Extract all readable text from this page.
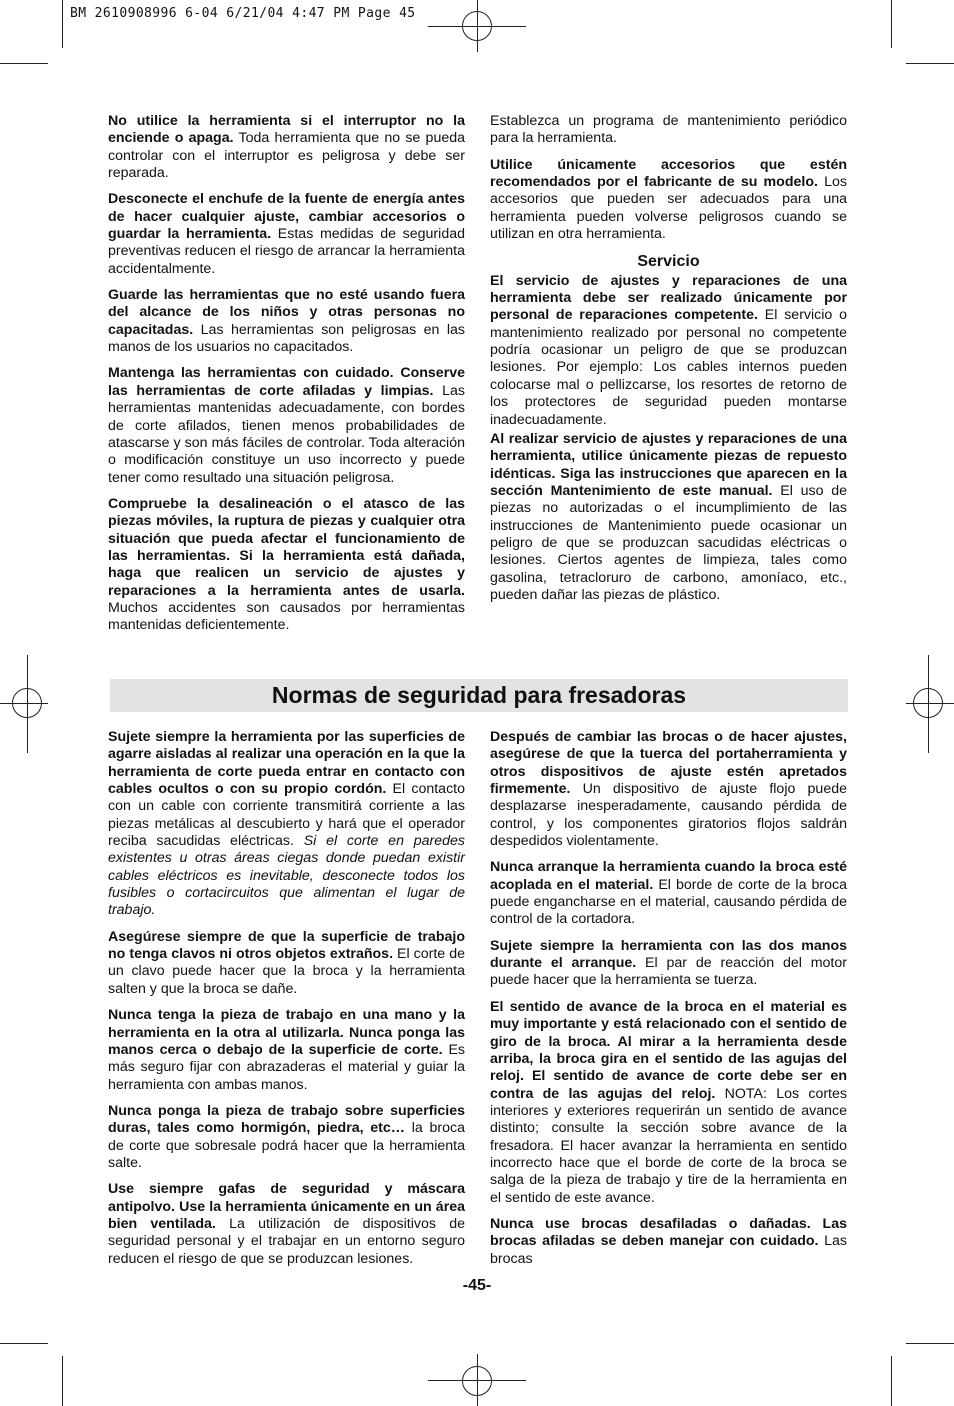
BM 2610908996 6-04 6/21/04 4:47 PM Page 45

No utilice la herramienta si el interruptor no la enciende o apaga. Toda herramienta que no se pueda controlar con el interruptor es peligrosa y debe ser reparada.

Desconecte el enchufe de la fuente de energía antes de hacer cualquier ajuste, cambiar accesorios o guardar la herramienta. Estas medidas de seguridad preventivas reducen el riesgo de arrancar la herramienta accidentalmente.

Guarde las herramientas que no esté usando fuera del alcance de los niños y otras personas no capacitadas. Las herramientas son peligrosas en las manos de los usuarios no capacitados.

Mantenga las herramientas con cuidado. Conserve las herramientas de corte afiladas y limpias. Las herramientas mantenidas adecuadamente, con bordes de corte afilados, tienen menos probabilidades de atascarse y son más fáciles de controlar. Toda alteración o modificación constituye un uso incorrecto y puede tener como resultado una situación peligrosa.

Compruebe la desalineación o el atasco de las piezas móviles, la ruptura de piezas y cualquier otra situación que pueda afectar el funcionamiento de las herramientas. Si la herramienta está dañada, haga que realicen un servicio de ajustes y reparaciones a la herramienta antes de usarla. Muchos accidentes son causados por herramientas mantenidas deficientemente.

Establezca un programa de mantenimiento periódico para la herramienta.

Utilice únicamente accesorios que estén recomendados por el fabricante de su modelo. Los accesorios que pueden ser adecuados para una herramienta pueden volverse peligrosos cuando se utilizan en otra herramienta.

Servicio

El servicio de ajustes y reparaciones de una herramienta debe ser realizado únicamente por personal de reparaciones competente. El servicio o mantenimiento realizado por personal no competente podría ocasionar un peligro de que se produzcan lesiones. Por ejemplo: Los cables internos pueden colocarse mal o pellizcarse, los resortes de retorno de los protectores de seguridad pueden montarse inadecuadamente.

Al realizar servicio de ajustes y reparaciones de una herramienta, utilice únicamente piezas de repuesto idénticas. Siga las instrucciones que aparecen en la sección Mantenimiento de este manual. El uso de piezas no autorizadas o el incumplimiento de las instrucciones de Mantenimiento puede ocasionar un peligro de que se produzcan sacudidas eléctricas o lesiones. Ciertos agentes de limpieza, tales como gasolina, tetracloruro de carbono, amoníaco, etc., pueden dañar las piezas de plástico.

Normas de seguridad para fresadoras

Sujete siempre la herramienta por las superficies de agarre aisladas al realizar una operación en la que la herramienta de corte pueda entrar en contacto con cables ocultos o con su propio cordón. El contacto con un cable con corriente transmitirá corriente a las piezas metálicas al descubierto y hará que el operador reciba sacudidas eléctricas. Si el corte en paredes existentes u otras áreas ciegas donde puedan existir cables eléctricos es inevitable, desconecte todos los fusibles o cortacircuitos que alimentan el lugar de trabajo.

Asegúrese siempre de que la superficie de trabajo no tenga clavos ni otros objetos extraños. El corte de un clavo puede hacer que la broca y la herramienta salten y que la broca se dañe.

Nunca tenga la pieza de trabajo en una mano y la herramienta en la otra al utilizarla. Nunca ponga las manos cerca o debajo de la superficie de corte. Es más seguro fijar con abrazaderas el material y guiar la herramienta con ambas manos.

Nunca ponga la pieza de trabajo sobre superficies duras, tales como hormigón, piedra, etc… la broca de corte que sobresale podrá hacer que la herramienta salte.

Use siempre gafas de seguridad y máscara antipolvo. Use la herramienta únicamente en un área bien ventilada. La utilización de dispositivos de seguridad personal y el trabajar en un entorno seguro reducen el riesgo de que se produzcan lesiones.

Después de cambiar las brocas o de hacer ajustes, asegúrese de que la tuerca del portaherramienta y otros dispositivos de ajuste estén apretados firmemente. Un dispositivo de ajuste flojo puede desplazarse inesperadamente, causando pérdida de control, y los componentes giratorios flojos saldrán despedidos violentamente.

Nunca arranque la herramienta cuando la broca esté acoplada en el material. El borde de corte de la broca puede engancharse en el material, causando pérdida de control de la cortadora.

Sujete siempre la herramienta con las dos manos durante el arranque. El par de reacción del motor puede hacer que la herramienta se tuerza.

El sentido de avance de la broca en el material es muy importante y está relacionado con el sentido de giro de la broca. Al mirar a la herramienta desde arriba, la broca gira en el sentido de las agujas del reloj. El sentido de avance de corte debe ser en contra de las agujas del reloj. NOTA: Los cortes interiores y exteriores requerirán un sentido de avance distinto; consulte la sección sobre avance de la fresadora. El hacer avanzar la herramienta en sentido incorrecto hace que el borde de corte de la broca se salga de la pieza de trabajo y tire de la herramienta en el sentido de este avance.

Nunca use brocas desafiladas o dañadas. Las brocas afiladas se deben manejar con cuidado. Las brocas

-45-
